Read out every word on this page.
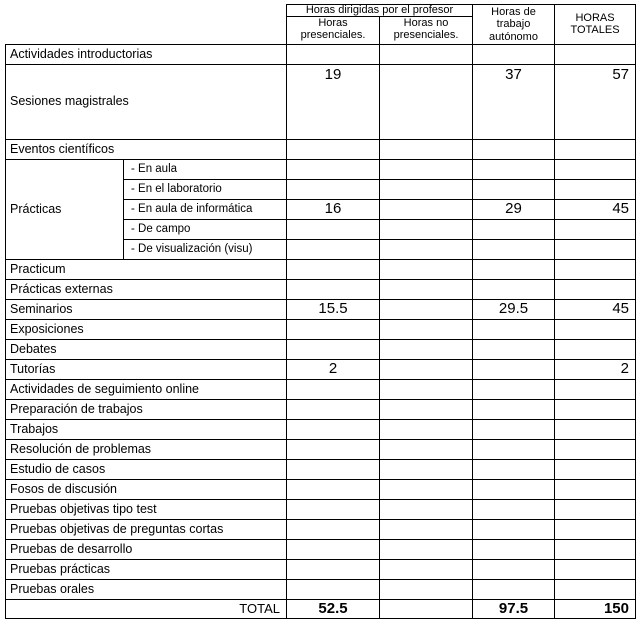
		Horas dirigidas por el profesor		Horas de trabajo autónomo	HORAS TOTALES
		Horas presenciales.	Horas no presenciales.		
Actividades introductorias					
Sesiones magistrales		19		37	57
Eventos científicos					
Prácticas	- En aula				
	- En el laboratorio				
	- En aula de informática	16		29	45
	- De campo				
	- De visualización (visu)				
Practicum					
Prácticas externas					
Seminarios		15.5		29.5	45
Exposiciones					
Debates					
Tutorías		2			2
Actividades de seguimiento online					
Preparación de trabajos					
Trabajos					
Resolución de problemas					
Estudio de casos					
Fosos de discusión					
Pruebas objetivas tipo test					
Pruebas objetivas de preguntas cortas					
Pruebas de desarrollo					
Pruebas prácticas					
Pruebas orales					
TOTAL		52.5		97.5	150
